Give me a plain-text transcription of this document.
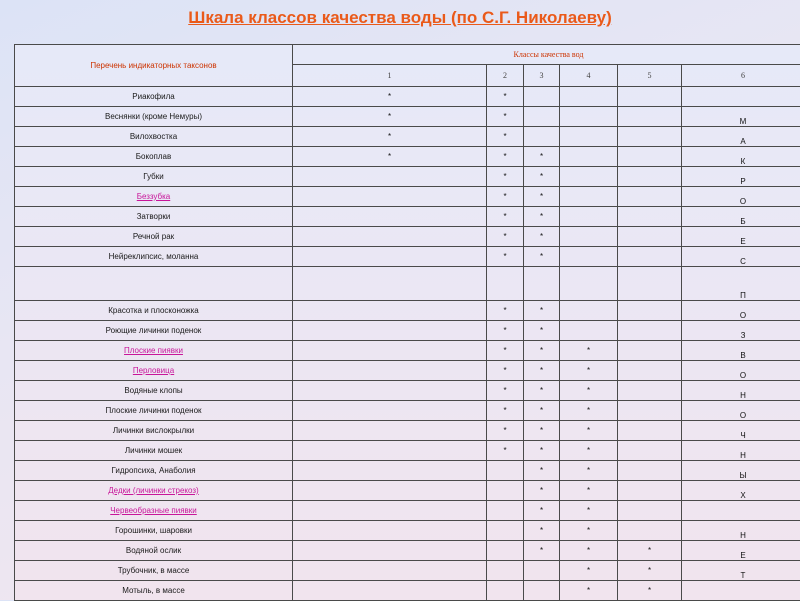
Шкала классов качества воды (по С.Г. Николаеву)
Перечень индикаторных таксонов	Классы качества вод					
	1	2	3	4	5	6
Риакофила	*	*				
Веснянки (кроме Немуры)	*	*				М
Вилохвостка	*	*				А
Бокоплав	*	*	*			К
Губки		*	*			Р
Беззубка		*	*			О
Затворки		*	*			Б
Речной рак		*	*			Е
Нейреклипсис, моланна		*	*			С
						П
Красотка и плосконожка		*	*			О
Роющие личинки поденок		*	*			З
Плоские пиявки		*	*	*		В
Перловица		*	*	*		О
Водяные клопы		*	*	*		Н
Плоские личинки поденок		*	*	*		О
Личинки вислокрылки		*	*	*		Ч
Личинки мошек		*	*	*		Н
Гидропсиха, Анаболия			*	*		Ы
Дедки (личинки стрекоз)			*	*		Х
Червеобразные пиявки			*	*		
Горошинки, шаровки			*	*		Н
Водяной ослик			*	*	*	Е
Трубочник, в массе				*	*	Т
Мотыль, в массе				*	*	
